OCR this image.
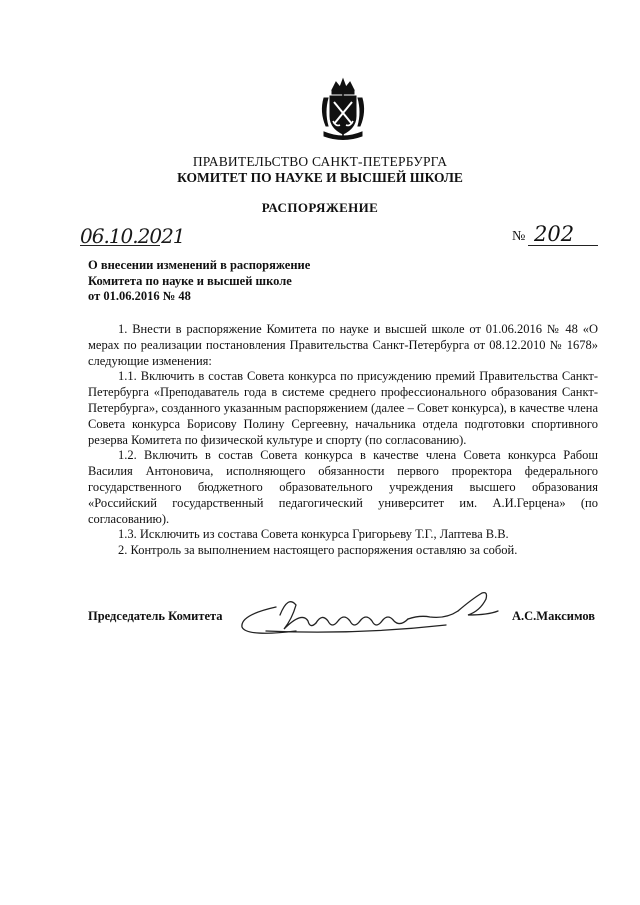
ПРАВИТЕЛЬСТВО САНКТ-ПЕТЕРБУРГА
КОМИТЕТ ПО НАУКЕ И ВЫСШЕЙ ШКОЛЕ
РАСПОРЯЖЕНИЕ
06.10.2021	№ 202
О внесении изменений в распоряжение
Комитета по науке и высшей школе
от 01.06.2016 № 48

1. Внести в распоряжение Комитета по науке и высшей школе от 01.06.2016 № 48 «О мерах по реализации постановления Правительства Санкт-Петербурга от 08.12.2010 № 1678» следующие изменения:

1.1. Включить в состав Совета конкурса по присуждению премий Правительства Санкт-Петербурга «Преподаватель года в системе среднего профессионального образования Санкт-Петербурга», созданного указанным распоряжением (далее – Совет конкурса), в качестве члена Совета конкурса Борисову Полину Сергеевну, начальника отдела подготовки спортивного резерва Комитета по физической культуре и спорту (по согласованию).

1.2. Включить в состав Совета конкурса в качестве члена Совета конкурса Рабош Василия Антоновича, исполняющего обязанности первого проректора федерального государственного бюджетного образовательного учреждения высшего образования «Российский государственный педагогический университет им. А.И.Герцена» (по согласованию).

1.3. Исключить из состава Совета конкурса Григорьеву Т.Г., Лаптева В.В.

2. Контроль за выполнением настоящего распоряжения оставляю за собой.

Председатель Комитета	А.С.Максимов
